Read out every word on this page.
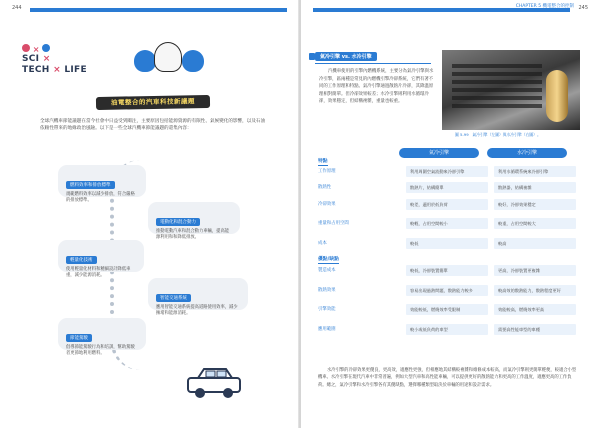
244
×
SCI ×
TECH × LIFE
油電整合的汽車科技新議題
全球汽機車節能議題在當今社會中日益受到關注，主要原因包括能源資源的有限性、氣候變化的影響，以及石油依賴性帶來的地緣政治風險。以下是一些全球汽機車節能議題的還集內容：
燃料效率和排放標準
規範燃料效率以減少排放，符合嚴格的排放標準。
電動化和混合動力
推動電動汽車和混合動力車輛，提高能源利用和和降低排放。
輕量化技術
使用輕量化材料和精細設計降低車重，減少能源消耗。
智能交通系統
應用智能交通系統提高道路使用效率，減少擁堵和能源消耗。
節能駕駛
倡導節能駕駛行為和培訓，幫助駕駛者更節地利用燃料。
CHAPTER 5 機電整合的控制 245
氣冷引擎 vs. 水冷引擎
汽機車使用的引擎內燃機系統，主要分為氣冷引擎與水冷引擎，區兩種是常見的內燃機引擎冷卻系統，它們有著不同的工作原理和特點。氣冷引擎通過散熱片冷卻，其降溫原理相對簡單。但冷卻效果較差；水冷引擎則利用水循環冷卻，效果穩定，但結構複雜，重量也較重。
圖 5-99　氣冷引擎（左圖）與水冷引擎（右圖）。
氣冷引擎	水冷引擎
特點
工作原理	利用周圍空氣流動來冷卻引擎	利用水循環系統來冷卻引擎
散熱性	散熱片，結構簡單	散熱器，結構複雜
冷卻效果	較差，適用於低負荷	較好，冷卻效果穩定
重量和占用空間	較輕，占用空間較小	較重，占用空間較大
成本	較低	較高
優點/缺點
製造成本	較低，冷卻裝置簡單	更高，冷卻裝置更複雜
散熱效果	容易出現過熱問題，散熱能力較多	較高效的散熱能力，散熱程度更好
引擎效能	效能較低，燃燒效率受限制	效能較高，燃燒效率更高
應用範圍	較小或低負荷的車型	需要高性能車型的車種
水冷引擎的冷卻效果更優良，更高效，適應性更強，但相應地其結構較複雜和維修成本較高，而氣冷引擎則更簡單輕便，較適合小型機車。水冷引擎在現代汽車中非常普遍，例如大型汽車和高性能車輛，可以提供更好的散熱能力和更高的工作溫度，適應更高的工作負荷。總之，氣冷引擎和水冷引擎各有其優缺點，選擇哪種類型取決於車輛的用途和設計需求。
